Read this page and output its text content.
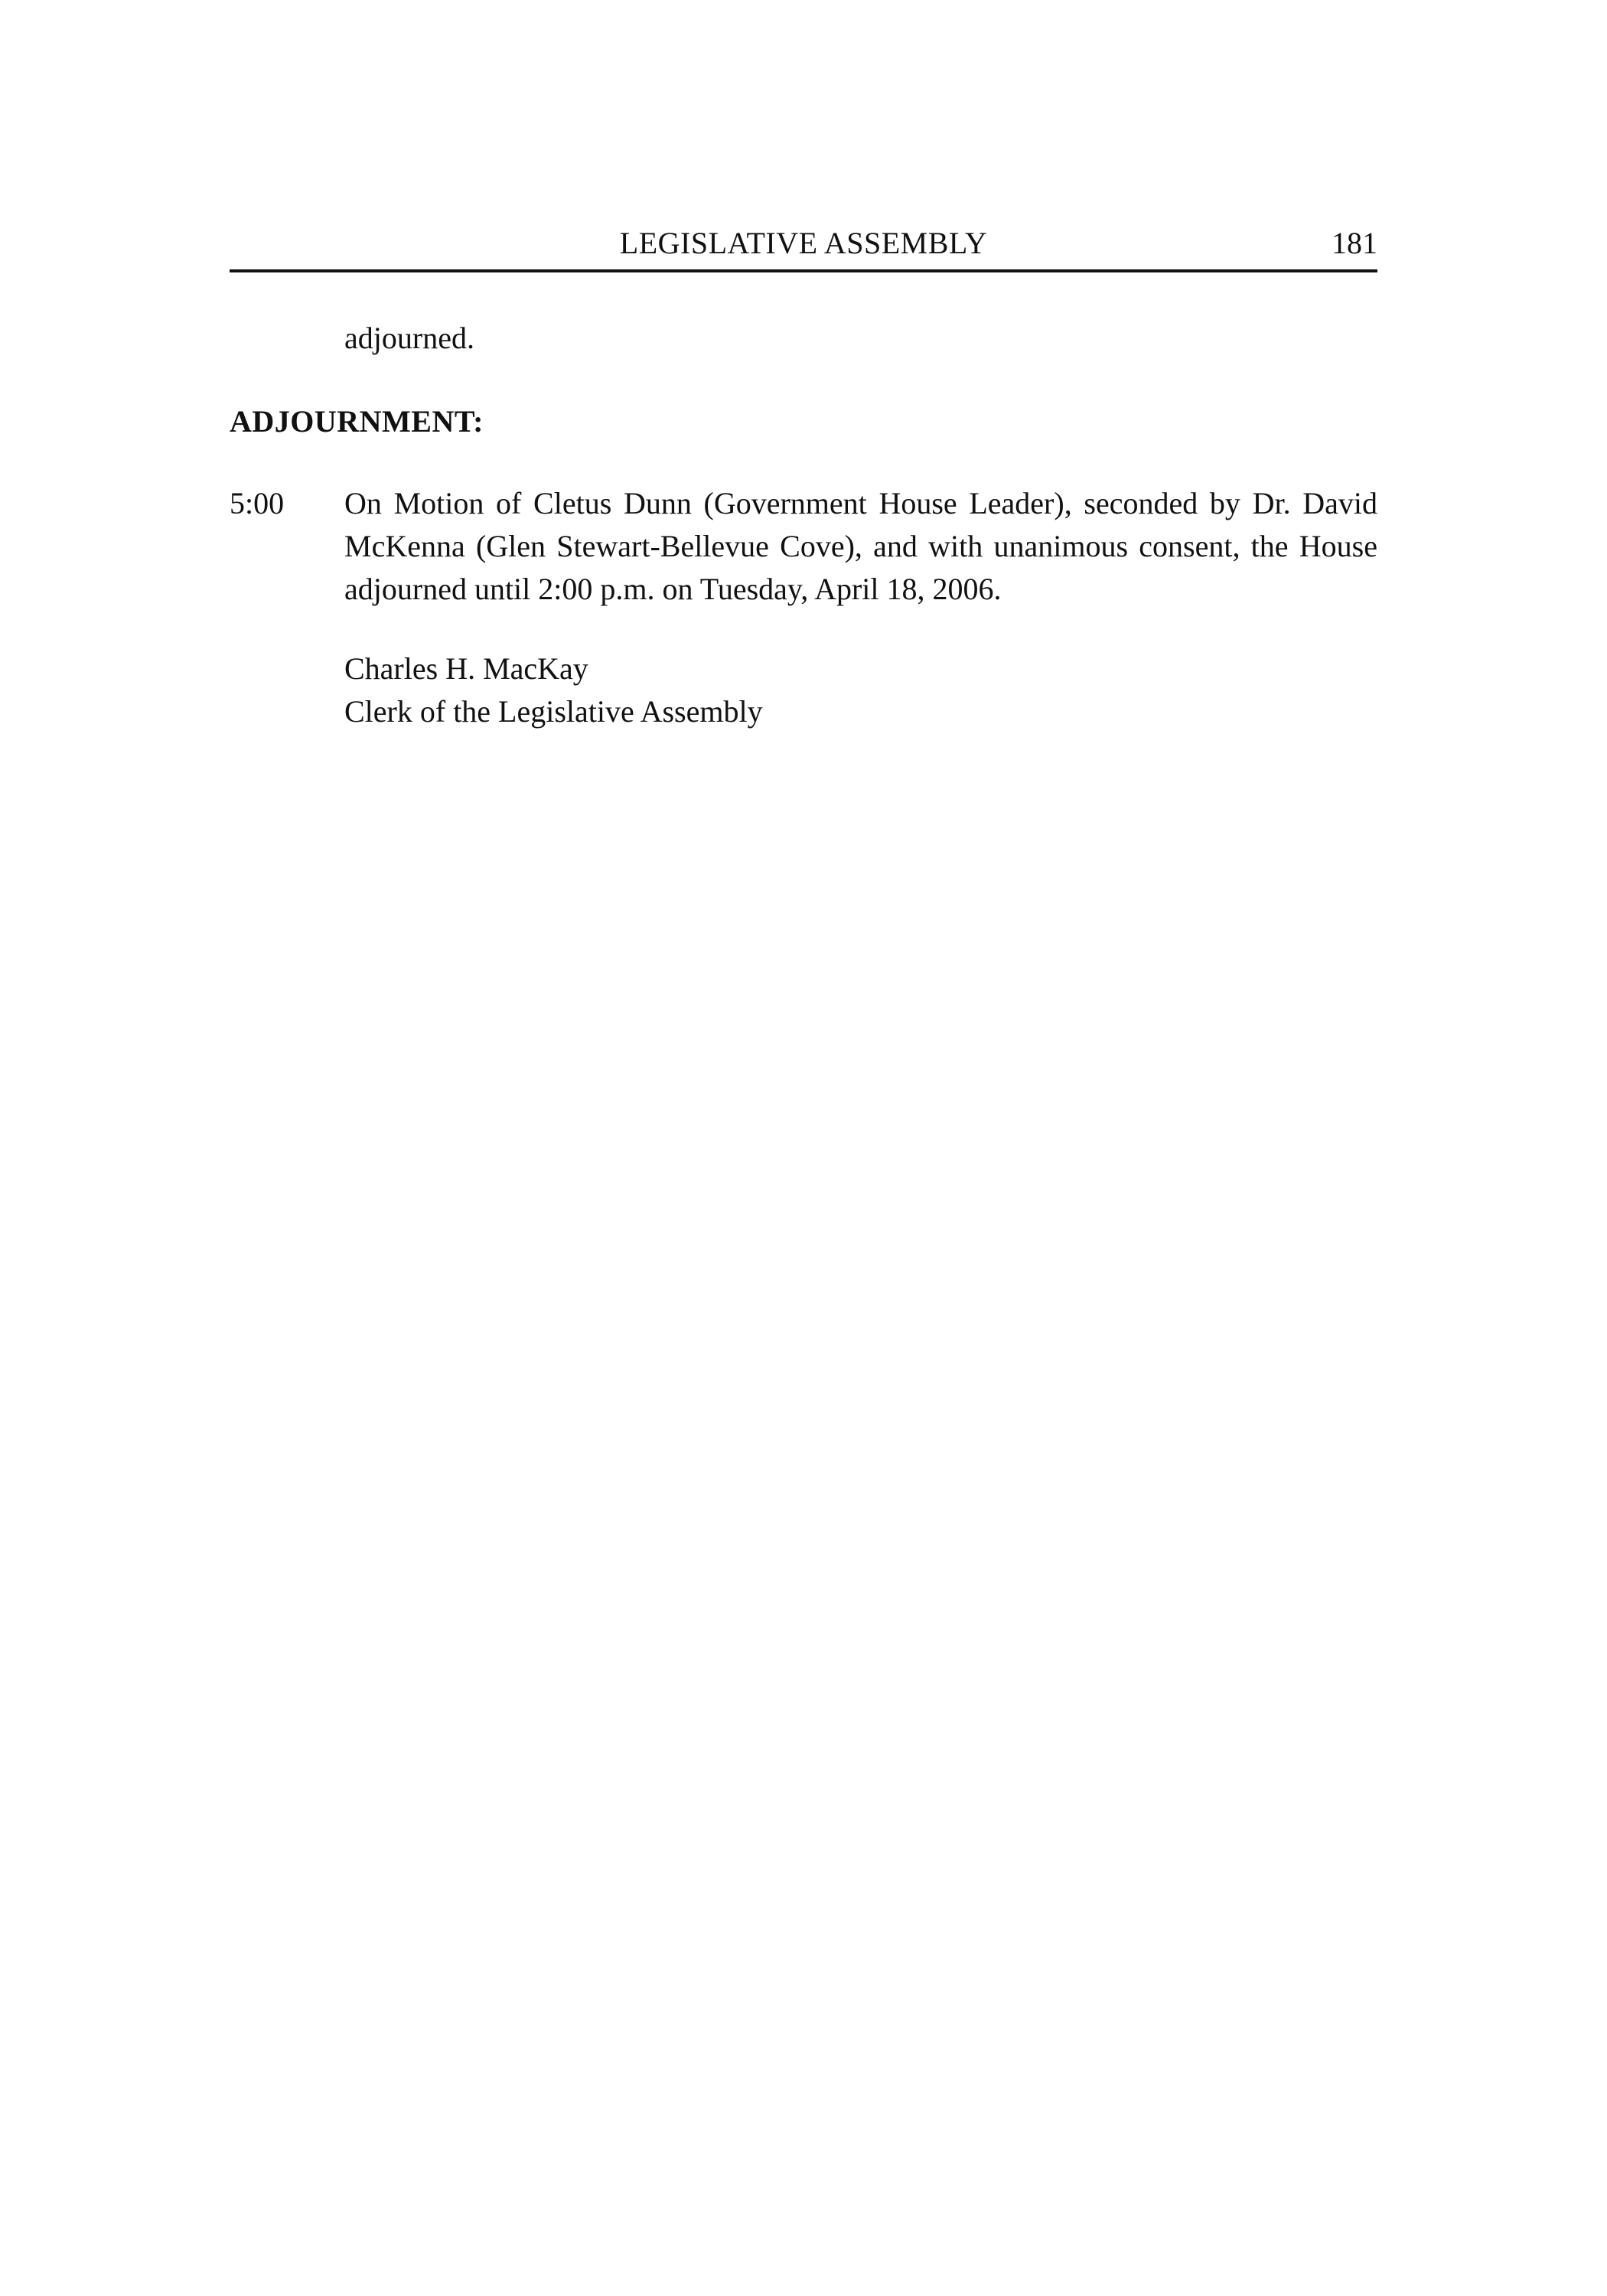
LEGISLATIVE ASSEMBLY	181
adjourned.
ADJOURNMENT:
5:00 On Motion of Cletus Dunn (Government House Leader), seconded by Dr. David McKenna (Glen Stewart-Bellevue Cove), and with unanimous consent, the House adjourned until 2:00 p.m. on Tuesday, April 18, 2006.
Charles H. MacKay
Clerk of the Legislative Assembly
